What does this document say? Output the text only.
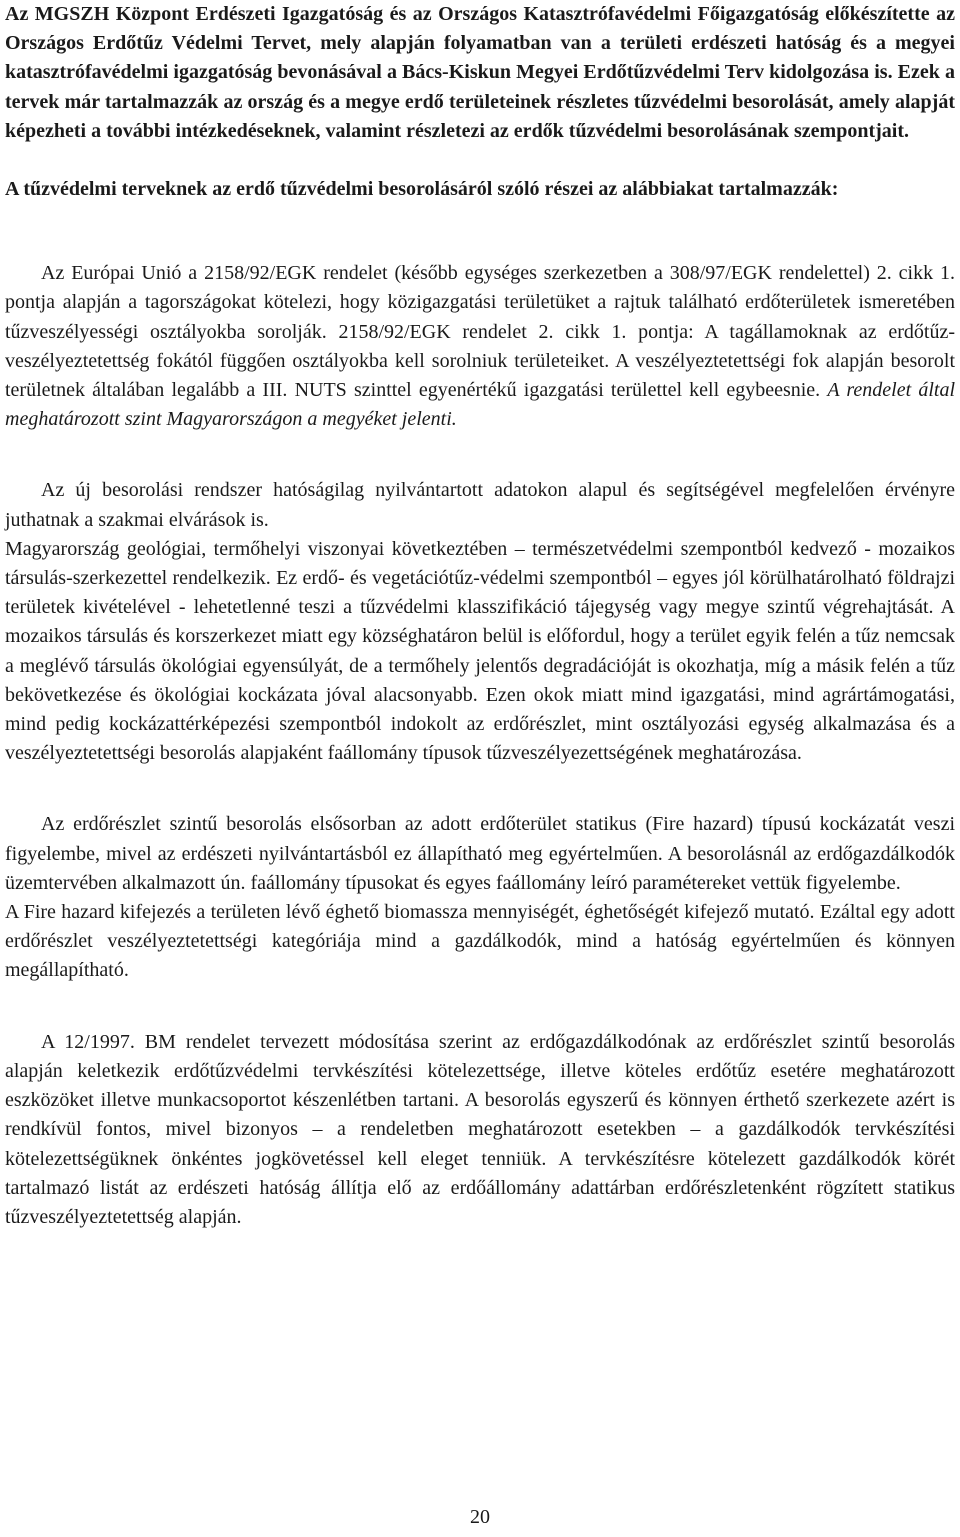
Az MGSZH Központ Erdészeti Igazgatóság és az Országos Katasztrófavédelmi Főigazgatóság előkészítette az Országos Erdőtűz Védelmi Tervet, mely alapján folyamatban van a területi erdészeti hatóság és a megyei katasztrófavédelmi igazgatóság bevonásával a Bács-Kiskun Megyei Erdőtűzvédelmi Terv kidolgozása is. Ezek a tervek már tartalmazzák az ország és a megye erdő területeinek részletes tűzvédelmi besorolását, amely alapját képezheti a további intézkedéseknek, valamint részletezi az erdők tűzvédelmi besorolásának szempontjait.

A tűzvédelmi terveknek az erdő tűzvédelmi besorolásáról szóló részei az alábbiakat tartalmazzák:

Az Európai Unió a 2158/92/EGK rendelet (később egységes szerkezetben a 308/97/EGK rendelettel) 2. cikk 1. pontja alapján a tagországokat kötelezi, hogy közigazgatási területüket a rajtuk található erdőterületek ismeretében tűzveszélyességi osztályokba sorolják. 2158/92/EGK rendelet 2. cikk 1. pontja: A tagállamoknak az erdőtűz-veszélyeztetettség fokától függően osztályokba kell sorolniuk területeiket. A veszélyeztetettségi fok alapján besorolt területnek általában legalább a III. NUTS szinttel egyenértékű igazgatási területtel kell egybeesnie. A rendelet által meghatározott szint Magyarországon a megyéket jelenti.

Az új besorolási rendszer hatóságilag nyilvántartott adatokon alapul és segítségével megfelelően érvényre juthatnak a szakmai elvárások is.

Magyarország geológiai, termőhelyi viszonyai következtében – természetvédelmi szempontból kedvező - mozaikos társulás-szerkezettel rendelkezik. Ez erdő- és vegetációtűz-védelmi szempontból – egyes jól körülhatárolható földrajzi területek kivételével - lehetetlenné teszi a tűzvédelmi klasszifikáció tájegység vagy megye szintű végrehajtását. A mozaikos társulás és korszerkezet miatt egy községhatáron belül is előfordul, hogy a terület egyik felén a tűz nemcsak a meglévő társulás ökológiai egyensúlyát, de a termőhely jelentős degradációját is okozhatja, míg a másik felén a tűz bekövetkezése és ökológiai kockázata jóval alacsonyabb. Ezen okok miatt mind igazgatási, mind agrártámogatási, mind pedig kockázattérképezési szempontból indokolt az erdőrészlet, mint osztályozási egység alkalmazása és a veszélyeztetettségi besorolás alapjaként faállomány típusok tűzveszélyezettségének meghatározása.

Az erdőrészlet szintű besorolás elsősorban az adott erdőterület statikus (Fire hazard) típusú kockázatát veszi figyelembe, mivel az erdészeti nyilvántartásból ez állapítható meg egyértelműen. A besorolásnál az erdőgazdálkodók üzemtervében alkalmazott ún. faállomány típusokat és egyes faállomány leíró paramétereket vettük figyelembe.

A Fire hazard kifejezés a területen lévő éghető biomassza mennyiségét, éghetőségét kifejező mutató. Ezáltal egy adott erdőrészlet veszélyeztetettségi kategóriája mind a gazdálkodók, mind a hatóság egyértelműen és könnyen megállapítható.

A 12/1997. BM rendelet tervezett módosítása szerint az erdőgazdálkodónak az erdőrészlet szintű besorolás alapján keletkezik erdőtűzvédelmi tervkészítési kötelezettsége, illetve köteles erdőtűz esetére meghatározott eszközöket illetve munkacsoportot készenlétben tartani. A besorolás egyszerű és könnyen érthető szerkezete azért is rendkívül fontos, mivel bizonyos – a rendeletben meghatározott esetekben – a gazdálkodók tervkészítési kötelezettségüknek önkéntes jogkövetéssel kell eleget tenniük. A tervkészítésre kötelezett gazdálkodók körét tartalmazó listát az erdészeti hatóság állítja elő az erdőállomány adattárban erdőrészletenként rögzített statikus tűzveszélyeztetettség alapján.

20
